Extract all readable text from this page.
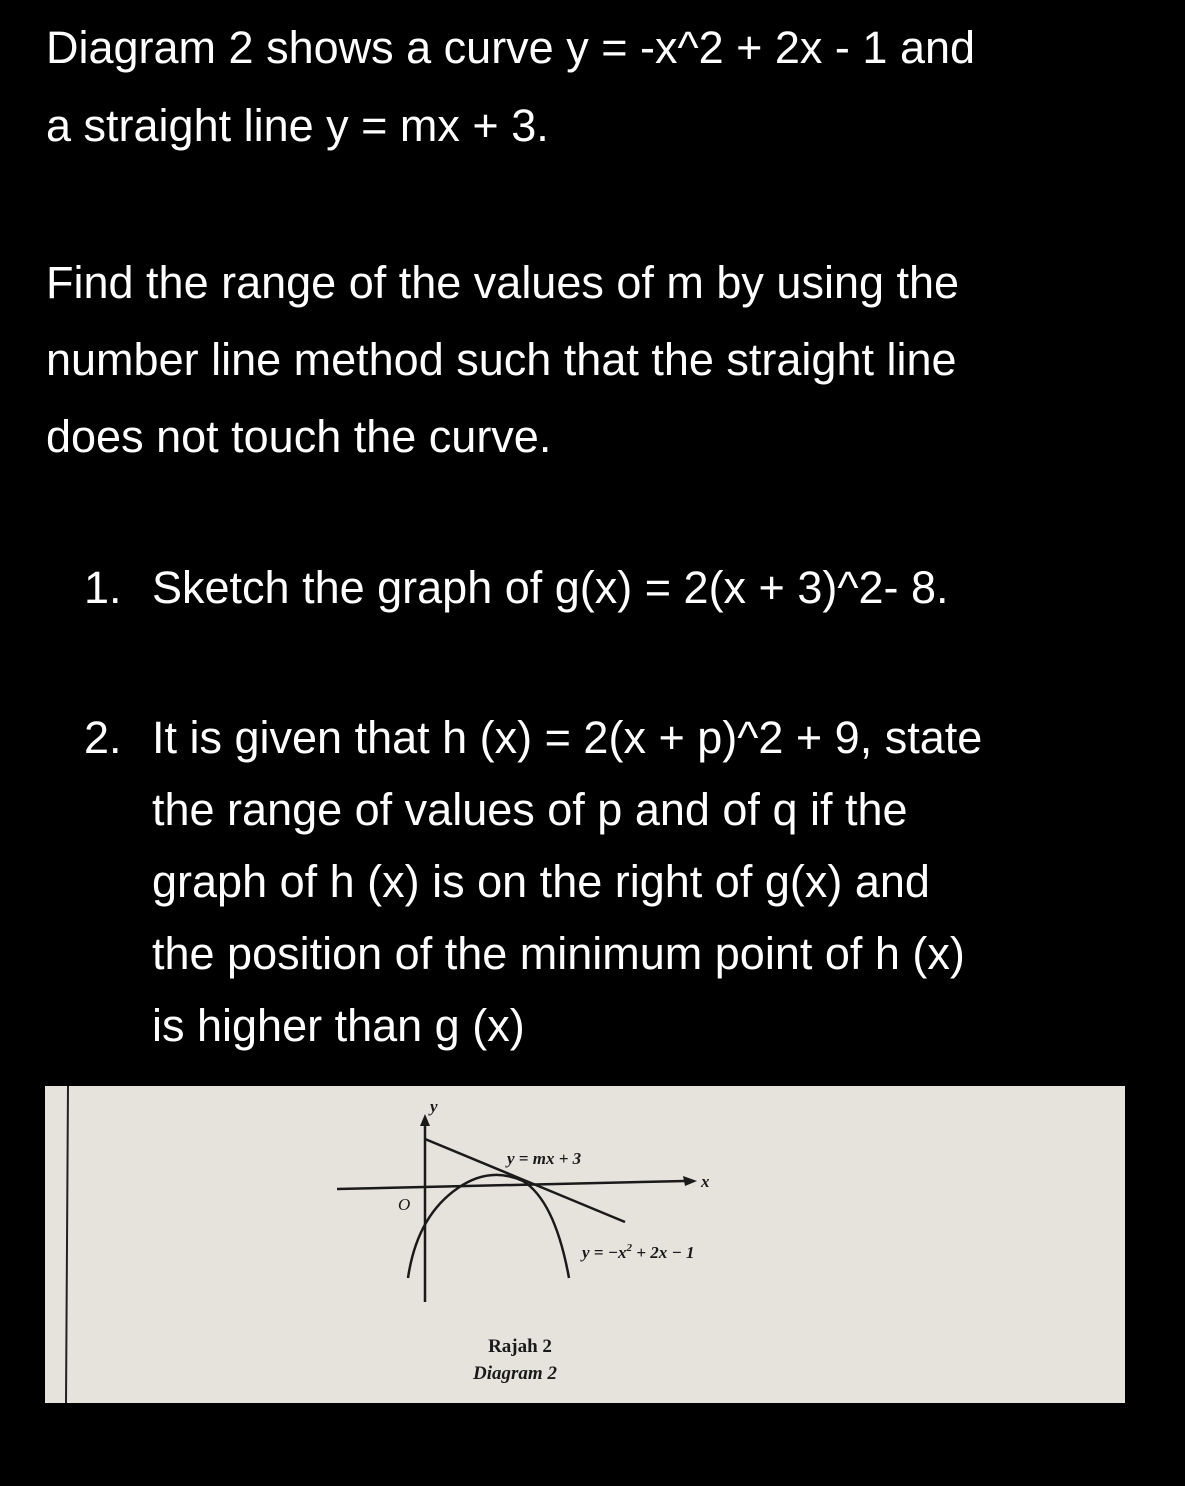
Diagram 2 shows a curve y = -x^2 + 2x - 1 and
a straight line y = mx + 3.
Find the range of the values of m by using the
number line method such that the straight line
does not touch the curve.
1. Sketch the graph of g(x) = 2(x + 3)^2- 8.
2. It is given that h (x) = 2(x + p)^2 + 9, state
the range of values of p and of q if the
graph of h (x) is on the right of g(x) and
the position of the minimum point of h (x)
is higher than g (x)
y
x
O
y = mx + 3
$y = -x^2 + 2x - 1$
Rajah 2
Diagram 2
